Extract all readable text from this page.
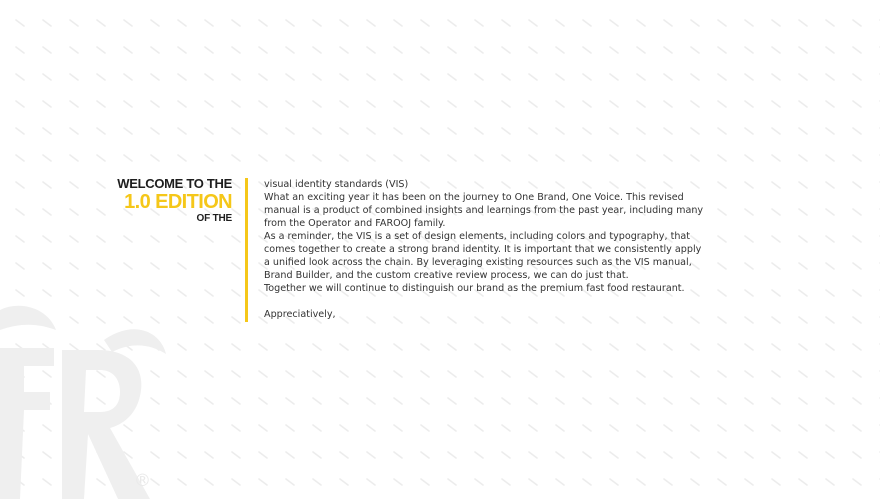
®
WELCOME TO THE
1.0 EDITION
OF THE

visual identity standards (VIS)

What an exciting year it has been on the journey to One Brand, One Voice. This revised

manual is a product of combined insights and learnings from the past year, including many

from the Operator and FAROOJ family.

As a reminder, the VIS is a set of design elements, including colors and typography, that

comes together to create a strong brand identity. It is important that we consistently apply

a unified look across the chain. By leveraging existing resources such as the VIS manual,

Brand Builder, and the custom creative review process, we can do just that.

Together we will continue to distinguish our brand as the premium fast food restaurant.

Appreciatively,
